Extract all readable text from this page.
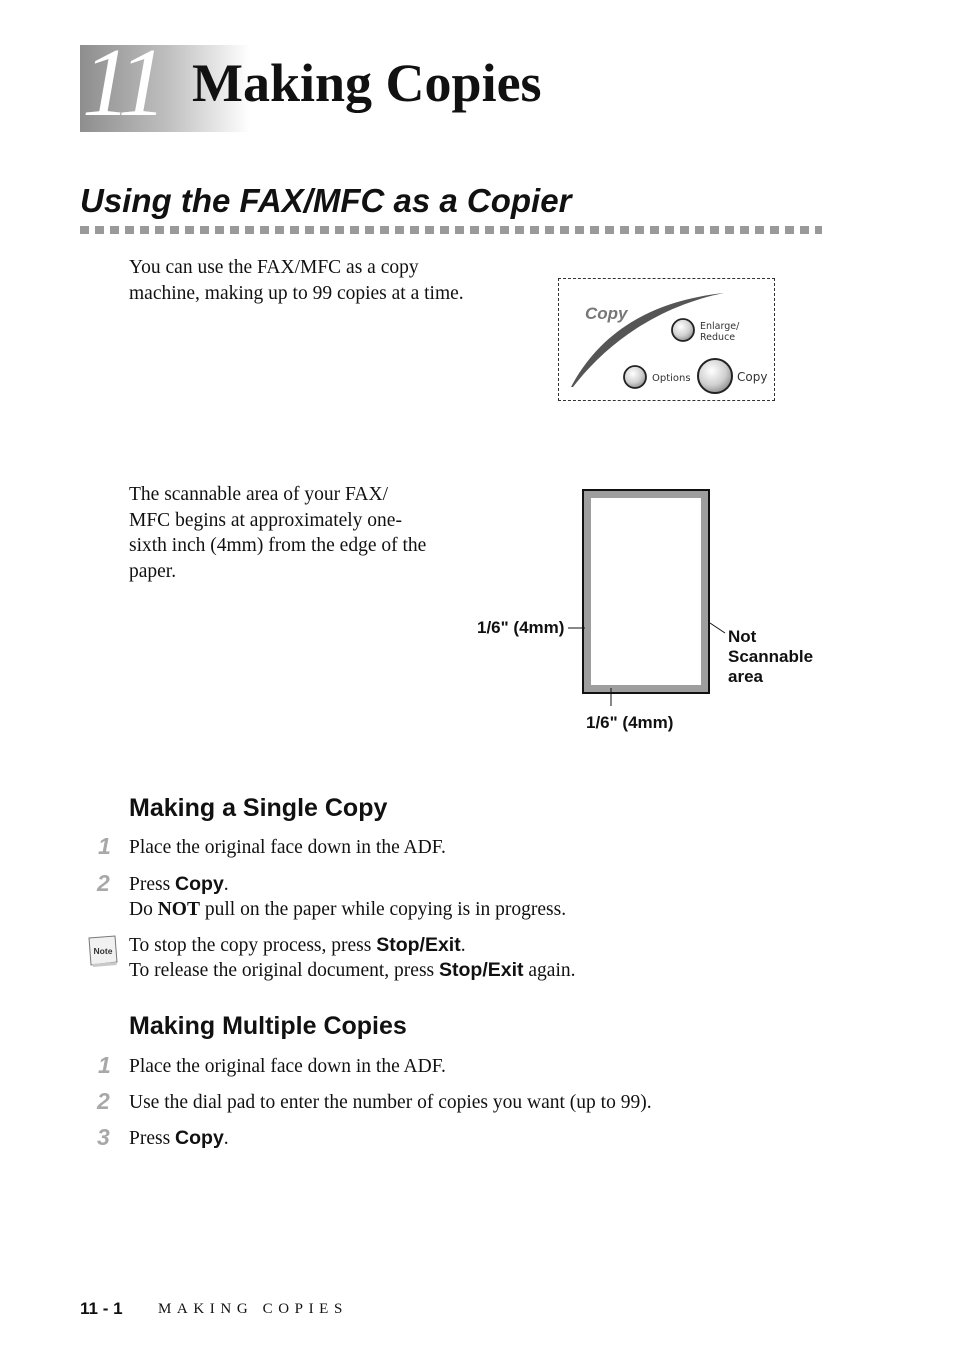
11 Making Copies
Using the FAX/MFC as a Copier
You can use the FAX/MFC as a copy
machine, making up to 99 copies at a time.
Copy
Enlarge/
Reduce
Options	Copy
The scannable area of your FAX/
MFC begins at approximately one-
sixth inch (4mm) from the edge of the
paper.
1/6" (4mm)
1/6" (4mm)
Not
Scannable
area
Making a Single Copy
1 Place the original face down in the ADF.
2 Press Copy.
Do NOT pull on the paper while copying is in progress.
Note To stop the copy process, press Stop/Exit.
To release the original document, press Stop/Exit again.
Making Multiple Copies
1 Place the original face down in the ADF.
2 Use the dial pad to enter the number of copies you want (up to 99).
3 Press Copy.
11 - 1 MAKING COPIES
